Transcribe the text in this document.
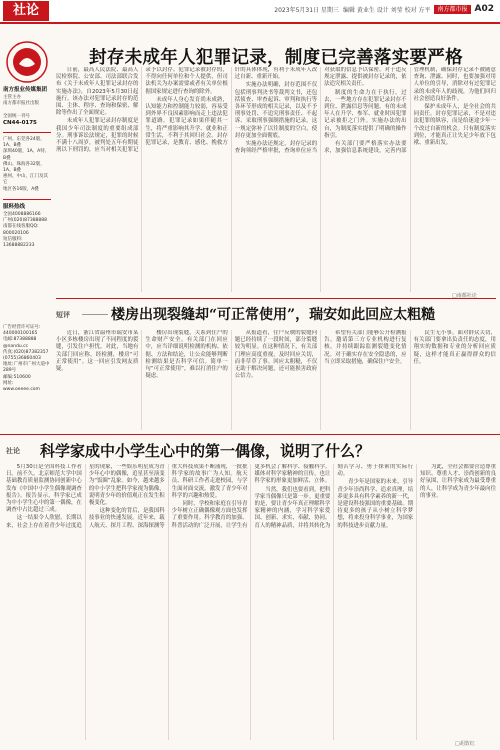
社论	2023年5月31日 星期三 编辑 黄业生 设计 刘莹 校对 方平	南方都市报 A02
南方报业传媒集团
主管主办
南方都市报社出版
全国统一刊号
CN44-0175
广州、东莞各24版，1A、B叠
深圳40版，1A、A特、B叠
佛山、珠海各32版，1A、B叠
惠州、中山、江门及其它
地区各16版，A叠
服料热线
全国4008886166
广州(020)87388888
南都在线客服QQ:
800020106
短信服料:
13688882233
广告经营许可证号:
440000100165
电邮:87388888
@nandu.cc
传真:(020)87382357
(0755)36860403
地址:广州市广州大道中
289号
邮编:510600
网址:
www.oeeee.com
封存未成年人犯罪记录，制度已完善落实要严格

日前，最高人民法院、最高人民检察院、公安部、司法部联合发布《关于未成年人犯罪记录封存的实施办法》，自2023年5月30日起施行。该办法对犯罪记录封存的范围、主体、程序、查询和保密、解除等作出了全面规定。

未成年人犯罪记录封存制度是我国少年司法制度的重要组成部分。刑事诉讼法规定，犯罪的时候不满十八周岁，被判处五年有期徒刑以下刑罚的，应当对相关犯罪记录予以封存。犯罪记录被封存的，不得向任何单位和个人提供，但司法机关为办案需要或者有关单位根据国家规定进行查询的除外。

未成年人身心发育尚未成熟，认知能力和控制能力较弱，容易受到外界不良因素影响而走上违法犯罪道路。犯罪记录如果伴随其一生，将严重影响其升学、就业和正常生活，不利于其回归社会。封存犯罪记录，是教育、感化、挽救方针的具体体现，有利于未成年人改过自新、重新开始。

实施办法明确，封存范围不仅包括刑事判决书等裁判文书，还包括侦查、审查起诉、审判和执行等各环节形成的相关记录，以及不予刑事处罚、不追究刑事责任、不起诉、采取刑事强制措施的记录。这一规定弥补了以往制度的空白，使封存更加全面彻底。

实施办法还规定，封存记录的查询须经严格审批，查询单位应当对获取的信息予以保密。对于违反规定泄露、提供被封存记录的，依法追究相关责任。

制度的生命力在于执行。过去，一些地方存在犯罪记录封存不到位、泄露信息等问题，有的未成年人在升学、参军、就业时因犯罪记录被拒之门外。实施办法的出台，为制度落实提供了明确的操作指引。

有关部门要严格落实办法要求，加强信息系统建设，完善内部管理机制，确保封存记录不被随意查询、泄露。同时，也要加强对用人单位的引导，消除对有过犯罪记录的未成年人的歧视，为他们回归社会创造良好条件。

保护未成年人，是全社会的共同责任。封存犯罪记录，不是对违法犯罪的纵容，而是给迷途少年一个改过自新的机会。只有制度落实到位，才能真正让失足少年放下包袱、重新出发。

□南都社论
短评	楼房出现裂缝却“可正常使用”，瑞安如此回应太粗糙

近日，浙江省温州市瑞安市某小区多栋楼房出现了不同程度的裂缝，引发住户担忧。对此，当地有关部门回应称，经检测，楼房“可正常使用”。这一回应引发网友质疑。

楼房出现裂缝，关系到住户的生命财产安全。有关部门在回应中，应当详细说明检测的机构、依据、方法和结论，让公众能够判断检测结果是否科学可信。简单一句“可正常使用”，难以打消住户的疑虑。

从报道看，住户反映的裂缝问题已经持续了一段时间，部分裂缝较为明显。在这种情况下，有关部门理应高度重视，及时回应关切，而非草草了事。回应太粗糙，不仅无助于解决问题，还可能损害政府公信力。

希望有关部门能够公开检测报告，邀请第三方专业机构进行复核，并持续跟踪监测裂缝变化情况。对于确实存在安全隐患的，应当立即采取措施，确保住户安全。

民生无小事。面对群众关切，有关部门要拿出负责任的态度，用翔实的数据和专业的分析回应质疑，这样才能真正赢得群众的信任。

社论 科学家成中小学生心中的第一偶像，说明了什么？

5月30日是全国科技工作者日。前不久，北京师范大学中国基础教育质量监测协同创新中心发布《中国中小学生偶像观调查报告》。报告显示，科学家已成为中小学生心中的第一偶像，在调查中占比超过三成。

这一结果令人欣慰。长期以来，社会上存在着青少年过度追星的现象，一些娱乐明星成为青少年心中的偶像，追星甚至演变为“饭圈”乱象。如今，越来越多的中小学生把科学家视为偶像，说明青少年的价值观正在发生积极变化。

这种变化的背后，是我国科技事业的快速发展。近年来，载人航天、探月工程、深海探测等重大科技成果不断涌现，一批批科学家的故事广为人知。航天员、科研工作者走进校园，与学生面对面交流，激发了青少年对科学的兴趣和热爱。

同时，学校和家庭在引导青少年树立正确偶像观方面也发挥了重要作用。科学教育的加强、科普活动的广泛开展，让学生有更多机会了解科学、接触科学。媒体对科学家精神的宣传，也让科学家的形象更加鲜活、立体。

当然，我们也要看到，把科学家当偶像只是第一步。更重要的是，要让青少年真正理解科学家精神的内涵，学习科学家爱国、创新、求实、奉献、协同、育人的精神品质，并将其转化为刻苦学习、勇于探索的实际行动。

青少年是国家的未来。引导青少年崇尚科学、追求真理，培养更多具有科学素养的新一代，是建设科技强国的重要基础。期待更多的孩子从小树立科学梦想，将来投身科学事业，为国家的科技进步贡献力量。

为此，全社会都要营造尊重知识、尊重人才、崇尚创新的良好氛围，让科学家成为最受尊重的人，让科学成为青少年最向往的事业。

□胡敦红
